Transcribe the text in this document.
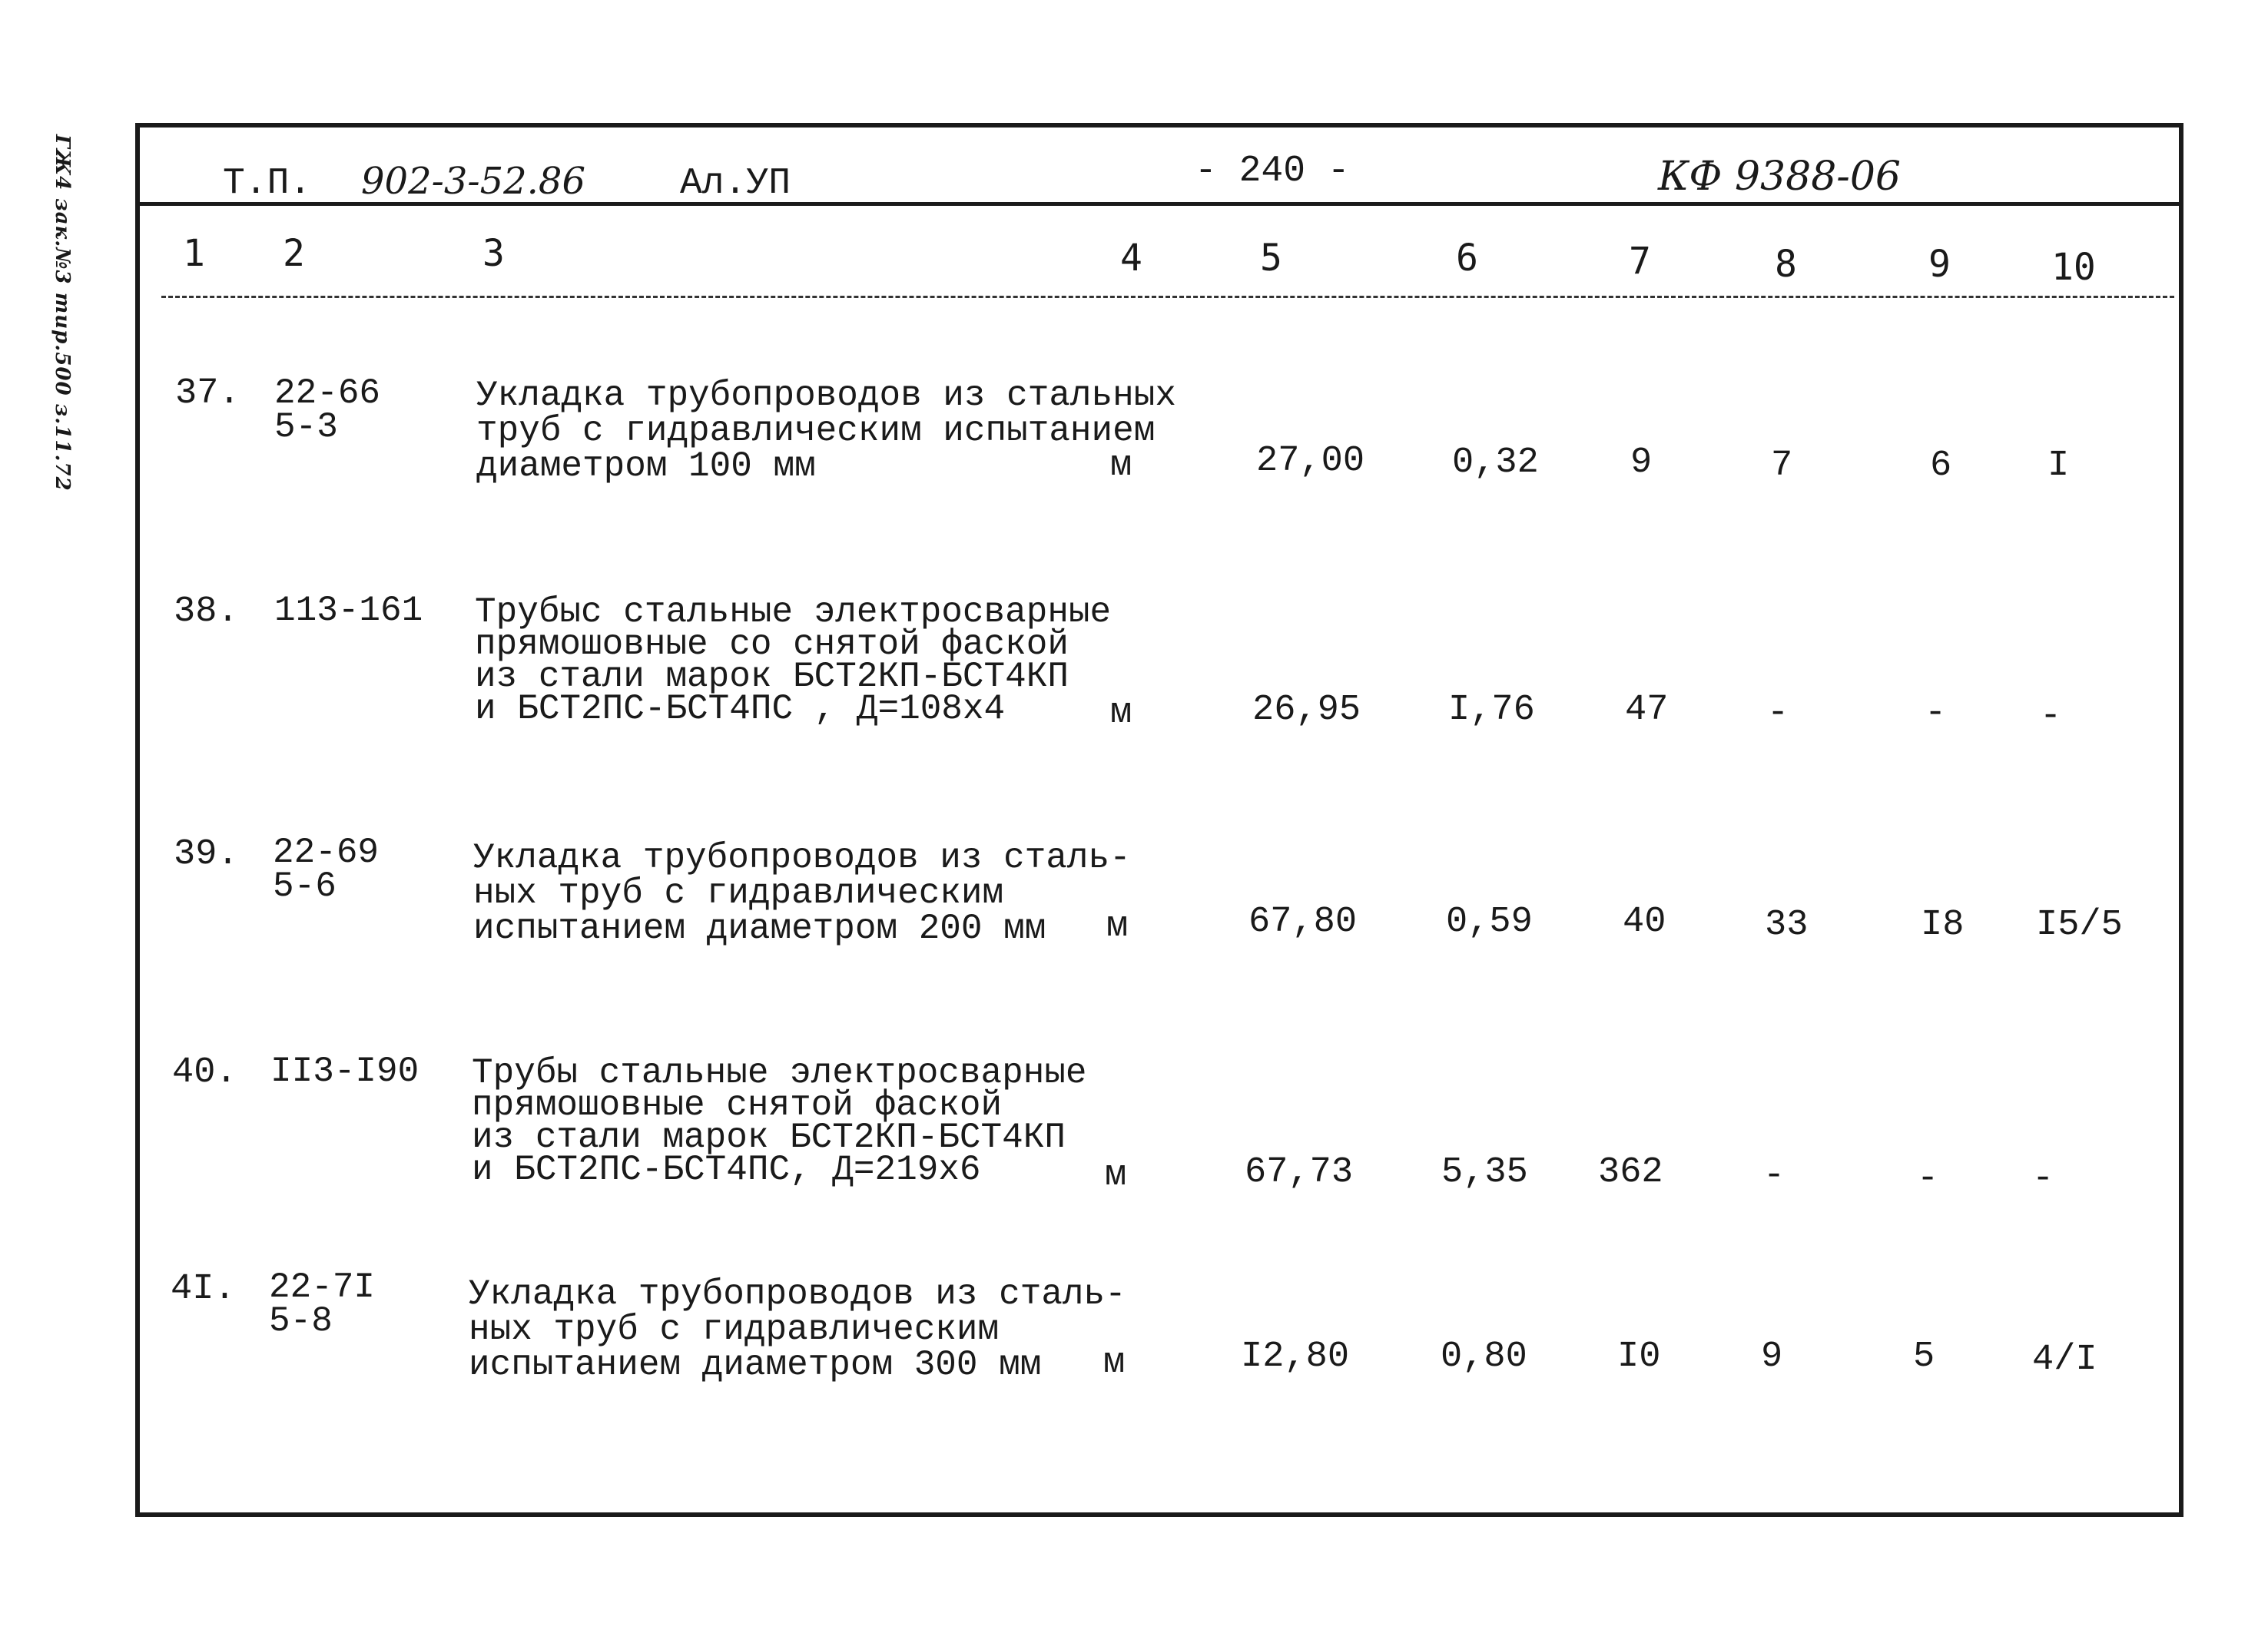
ГЖ4 зак.№3 тир.500 з.11.72	Т.П. 902-3-52.86	Ал.УП	- 240 -	КФ 9388-06
1 2	3	4	5	6	7	8	9	10
37. 22-66
5-3
Укладка трубопроводов из стальных
труб с гидравлическим испытанием
диаметром 100 мм	м	27,00 0,32	9	7	6	I
38. 113-161 Трубыс стальные электросварные
прямошовные со снятой фаской
из стали марок БСТ2КП-БСТ4КП
и БСТ2ПС-БСТ4ПС , Д=108х4	м	26,95 I,76 47	-	-	-
39. 22-69
5-6
Укладка трубопроводов из сталь-
ных труб с гидравлическим
испытанием диаметром 200 мм	м	67,80 0,59 40	33	I8 I5/5
40. II3-I90 Трубы стальные электросварные
прямошовные снятой фаской
из стали марок БСТ2КП-БСТ4КП
и БСТ2ПС-БСТ4ПС, Д=219х6	м	67,73 5,35 362	-	-	-
4I. 22-7I
5-8
Укладка трубопроводов из сталь-
ных труб с гидравлическим
испытанием диаметром 300 мм	м	I2,80	0,80 I0	9	5	4/I
